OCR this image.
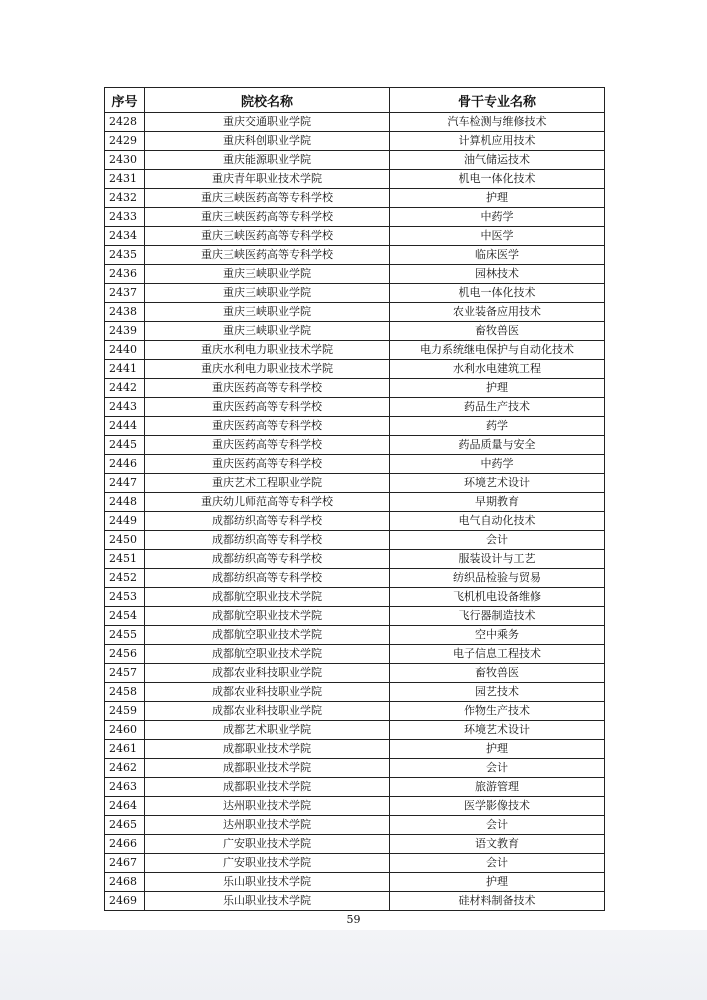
序号	院校名称	骨干专业名称
2428	重庆交通职业学院	汽车检测与维修技术
2429	重庆科创职业学院	计算机应用技术
2430	重庆能源职业学院	油气储运技术
2431	重庆青年职业技术学院	机电一体化技术
2432	重庆三峡医药高等专科学校	护理
2433	重庆三峡医药高等专科学校	中药学
2434	重庆三峡医药高等专科学校	中医学
2435	重庆三峡医药高等专科学校	临床医学
2436	重庆三峡职业学院	园林技术
2437	重庆三峡职业学院	机电一体化技术
2438	重庆三峡职业学院	农业装备应用技术
2439	重庆三峡职业学院	畜牧兽医
2440	重庆水利电力职业技术学院	电力系统继电保护与自动化技术
2441	重庆水利电力职业技术学院	水利水电建筑工程
2442	重庆医药高等专科学校	护理
2443	重庆医药高等专科学校	药品生产技术
2444	重庆医药高等专科学校	药学
2445	重庆医药高等专科学校	药品质量与安全
2446	重庆医药高等专科学校	中药学
2447	重庆艺术工程职业学院	环境艺术设计
2448	重庆幼儿师范高等专科学校	早期教育
2449	成都纺织高等专科学校	电气自动化技术
2450	成都纺织高等专科学校	会计
2451	成都纺织高等专科学校	服装设计与工艺
2452	成都纺织高等专科学校	纺织品检验与贸易
2453	成都航空职业技术学院	飞机机电设备维修
2454	成都航空职业技术学院	飞行器制造技术
2455	成都航空职业技术学院	空中乘务
2456	成都航空职业技术学院	电子信息工程技术
2457	成都农业科技职业学院	畜牧兽医
2458	成都农业科技职业学院	园艺技术
2459	成都农业科技职业学院	作物生产技术
2460	成都艺术职业学院	环境艺术设计
2461	成都职业技术学院	护理
2462	成都职业技术学院	会计
2463	成都职业技术学院	旅游管理
2464	达州职业技术学院	医学影像技术
2465	达州职业技术学院	会计
2466	广安职业技术学院	语文教育
2467	广安职业技术学院	会计
2468	乐山职业技术学院	护理
2469	乐山职业技术学院	硅材料制备技术
59
